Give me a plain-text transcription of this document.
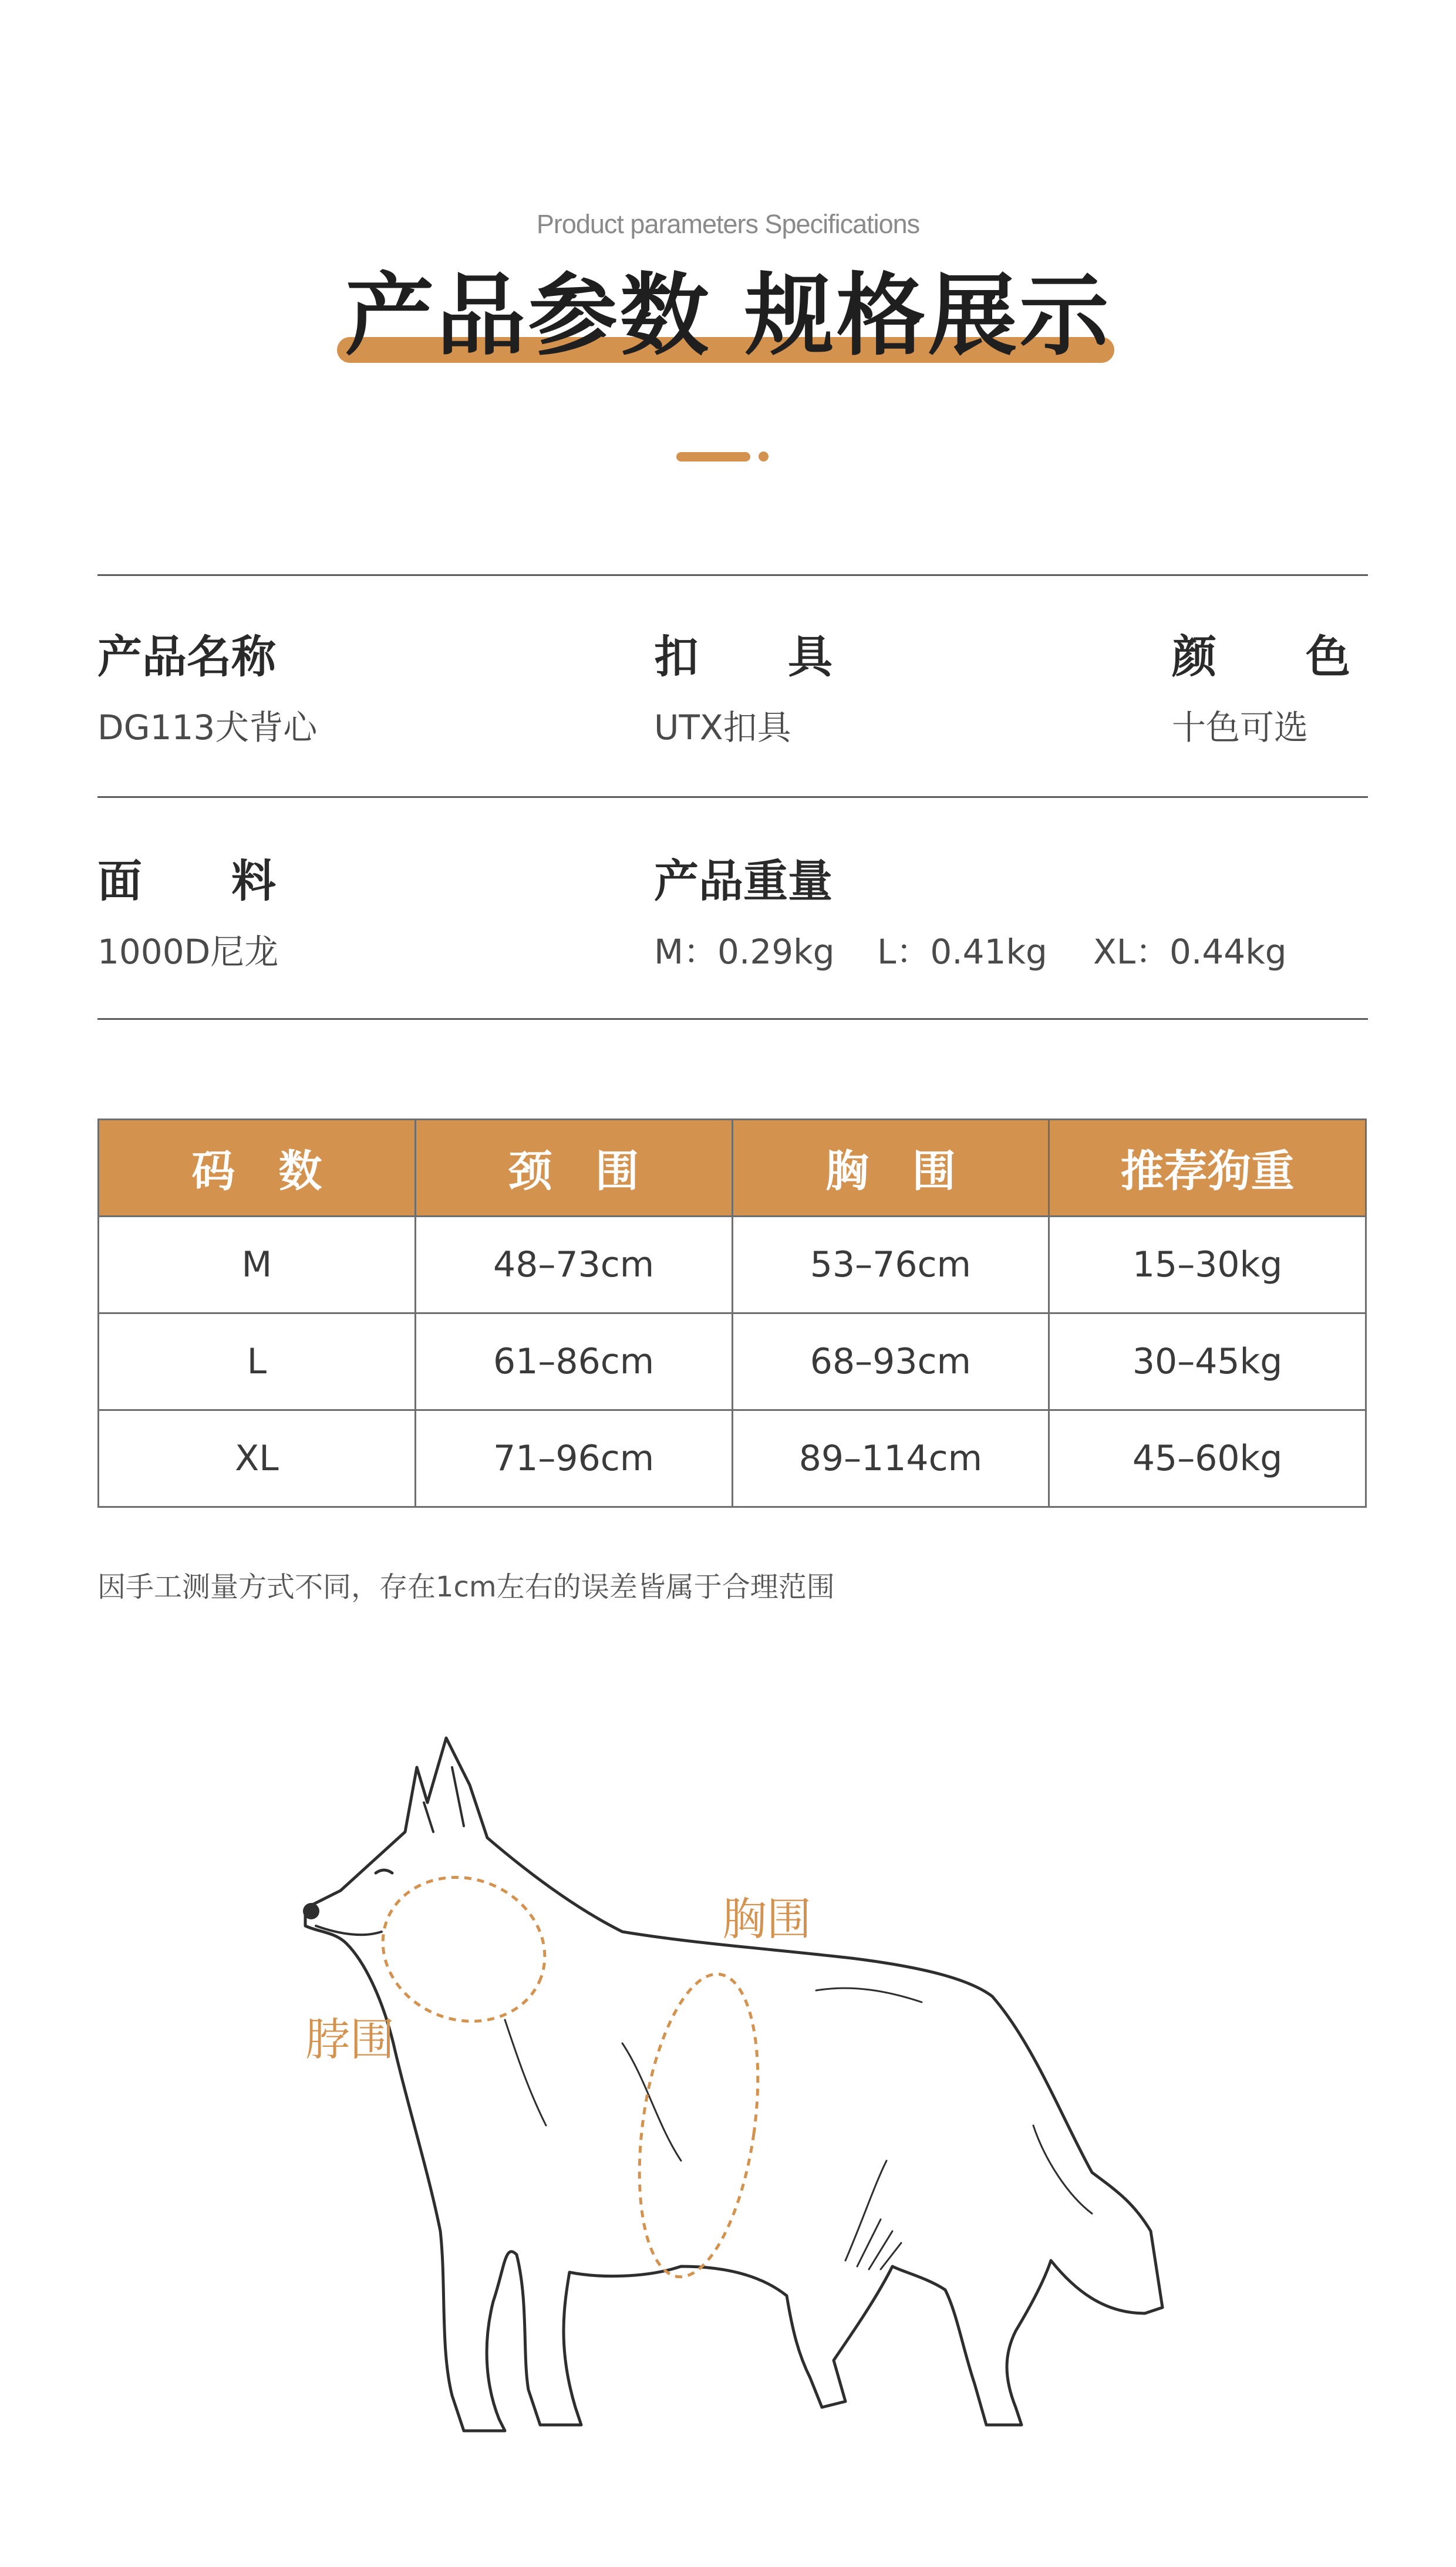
Product parameters Specifications
产品参数 规格展示
产品名称
DG113犬背心
扣　　具
UTX扣具
颜　　色
十色可选
面　　料
1000D尼龙
产品重量
M：0.29kg L：0.41kg XL：0.44kg
码　数	颈　围	胸　围	推荐狗重
M	48–73cm	53–76cm	15–30kg
L	61–86cm	68–93cm	30–45kg
XL	71–96cm	89–114cm	45–60kg
因手工测量方式不同，存在1cm左右的误差皆属于合理范围
胸围
脖围
